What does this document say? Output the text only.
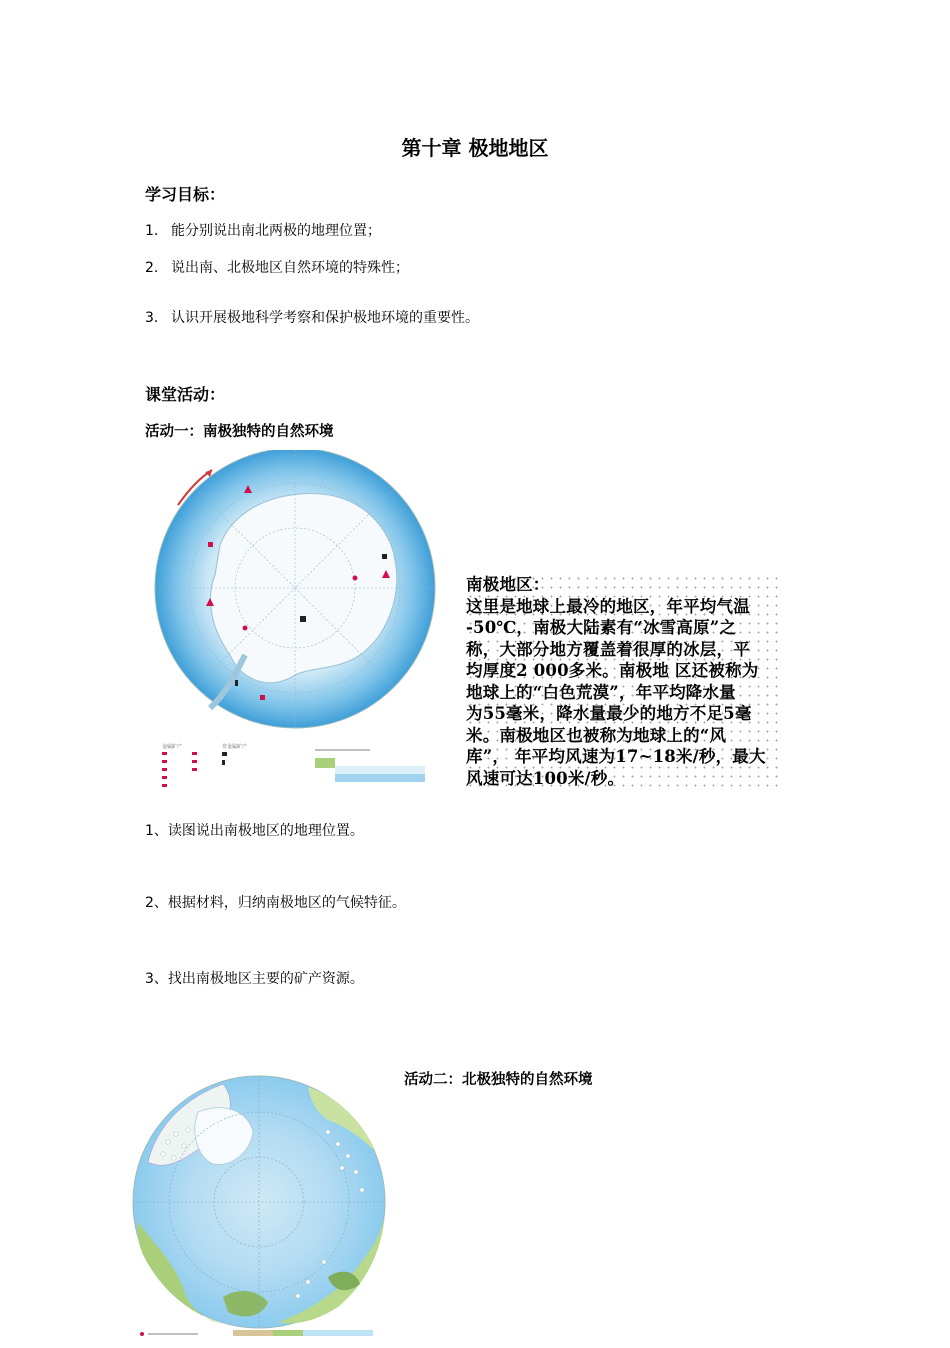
第十章 极地地区
学习目标：
1. 能分别说出南北两极的地理位置；
2. 说出南、北极地区自然环境的特殊性；
3. 认识开展极地科学考察和保护极地环境的重要性。
课堂活动：
活动一：南极独特的自然环境
金属矿产	非金属矿产
南极地区：
这里是地球上最冷的地区，年平均气温
-50℃，南极大陆素有“冰雪高原”之
称，大部分地方覆盖着很厚的冰层，平
均厚度2 000多米。南极地 区还被称为
地球上的“白色荒漠”，年平均降水量
为55毫米，降水量最少的地方不足5毫
米。南极地区也被称为地球上的“风
库”， 年平均风速为17~18米/秒，最大
风速可达100米/秒。
1、读图说出南极地区的地理位置。
2、根据材料，归纳南极地区的气候特征。
3、找出南极地区主要的矿产资源。
活动二：北极独特的自然环境
